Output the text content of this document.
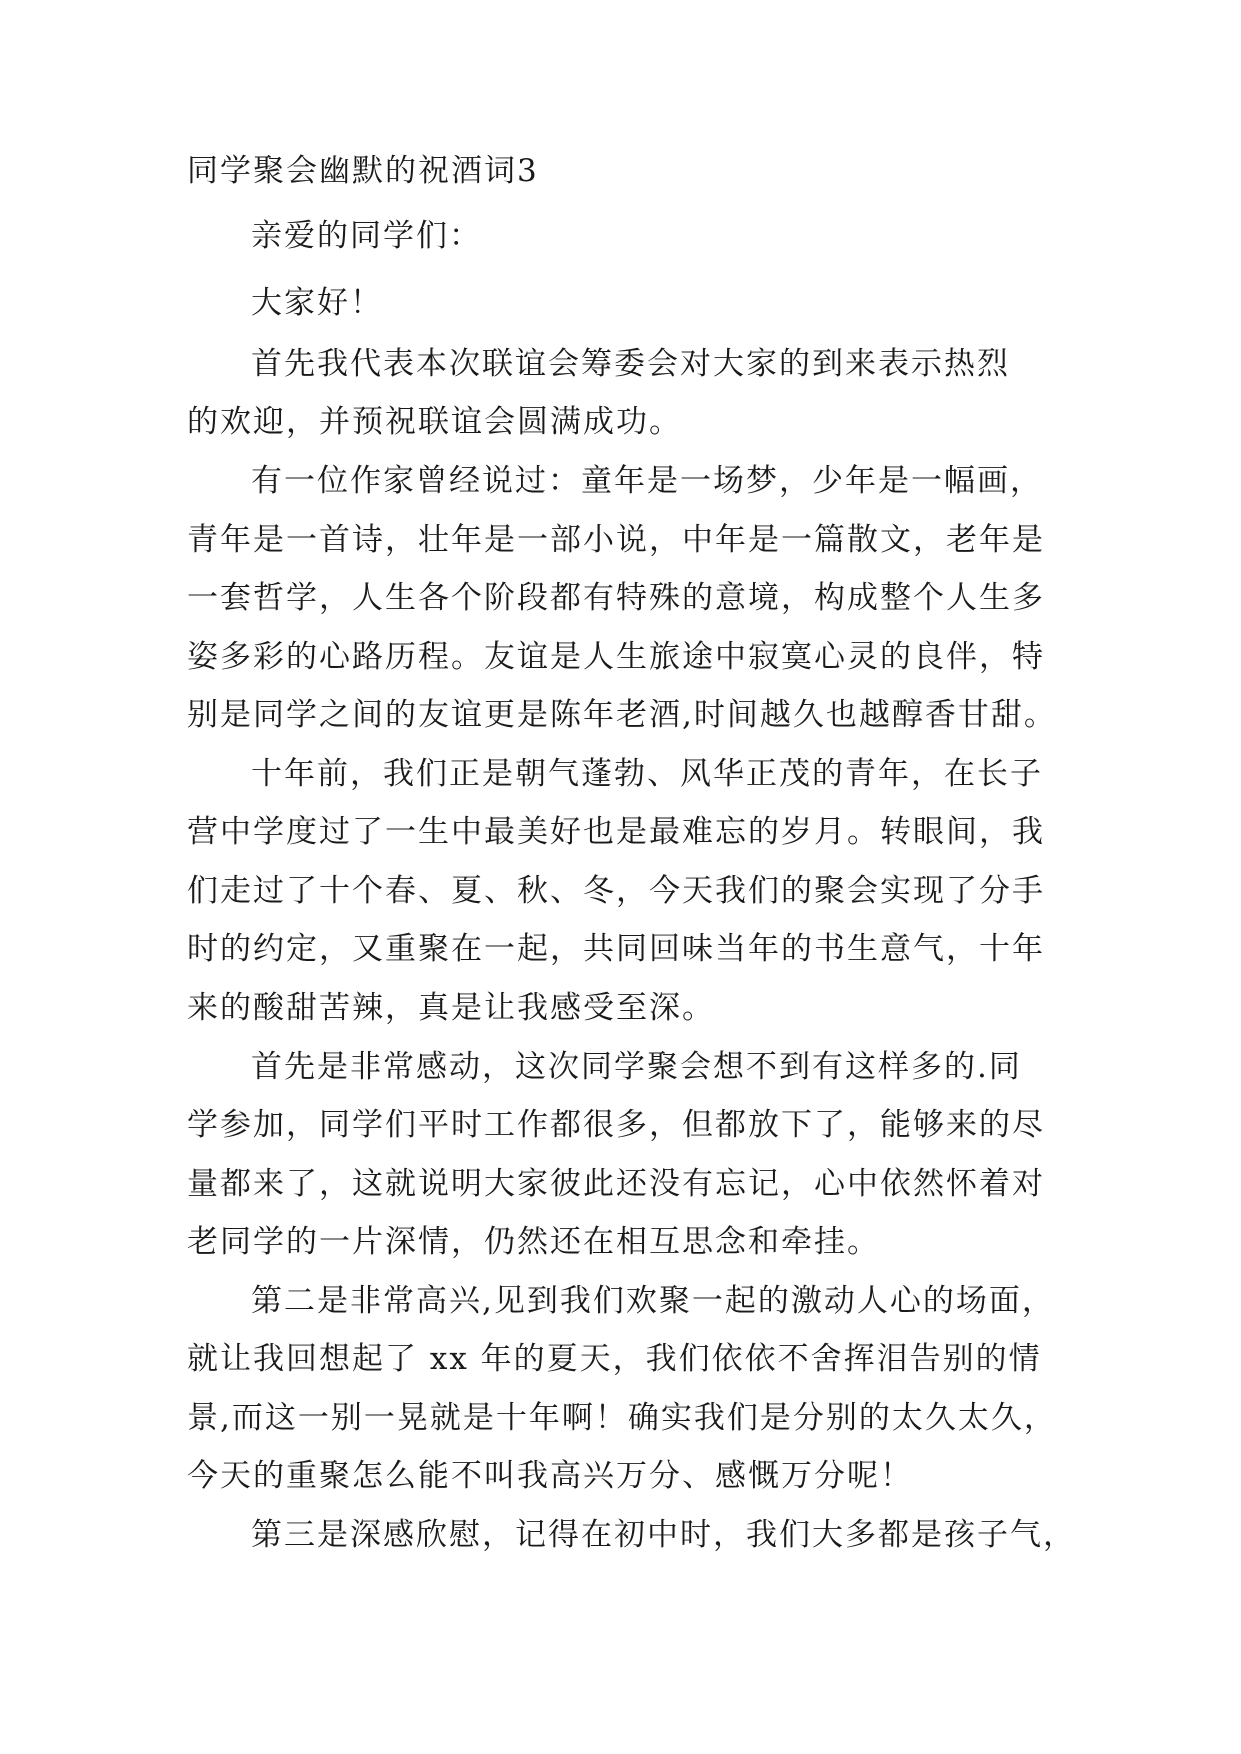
同学聚会幽默的祝酒词3
亲爱的同学们：
大家好！
首先我代表本次联谊会筹委会对大家的到来表示热烈
的欢迎，并预祝联谊会圆满成功。
有一位作家曾经说过：童年是一场梦，少年是一幅画，
青年是一首诗，壮年是一部小说，中年是一篇散文，老年是
一套哲学，人生各个阶段都有特殊的意境，构成整个人生多
姿多彩的心路历程。友谊是人生旅途中寂寞心灵的良伴，特
别是同学之间的友谊更是陈年老酒,时间越久也越醇香甘甜。
十年前，我们正是朝气蓬勃、风华正茂的青年，在长子
营中学度过了一生中最美好也是最难忘的岁月。转眼间，我
们走过了十个春、夏、秋、冬，今天我们的聚会实现了分手
时的约定，又重聚在一起，共同回味当年的书生意气，十年
来的酸甜苦辣，真是让我感受至深。
首先是非常感动，这次同学聚会想不到有这样多的.同
学参加，同学们平时工作都很多，但都放下了，能够来的尽
量都来了，这就说明大家彼此还没有忘记，心中依然怀着对
老同学的一片深情，仍然还在相互思念和牵挂。
第二是非常高兴,见到我们欢聚一起的激动人心的场面，
就让我回想起了 xx 年的夏天，我们依依不舍挥泪告别的情
景,而这一别一晃就是十年啊！确实我们是分别的太久太久，
今天的重聚怎么能不叫我高兴万分、感慨万分呢！
第三是深感欣慰，记得在初中时，我们大多都是孩子气，
